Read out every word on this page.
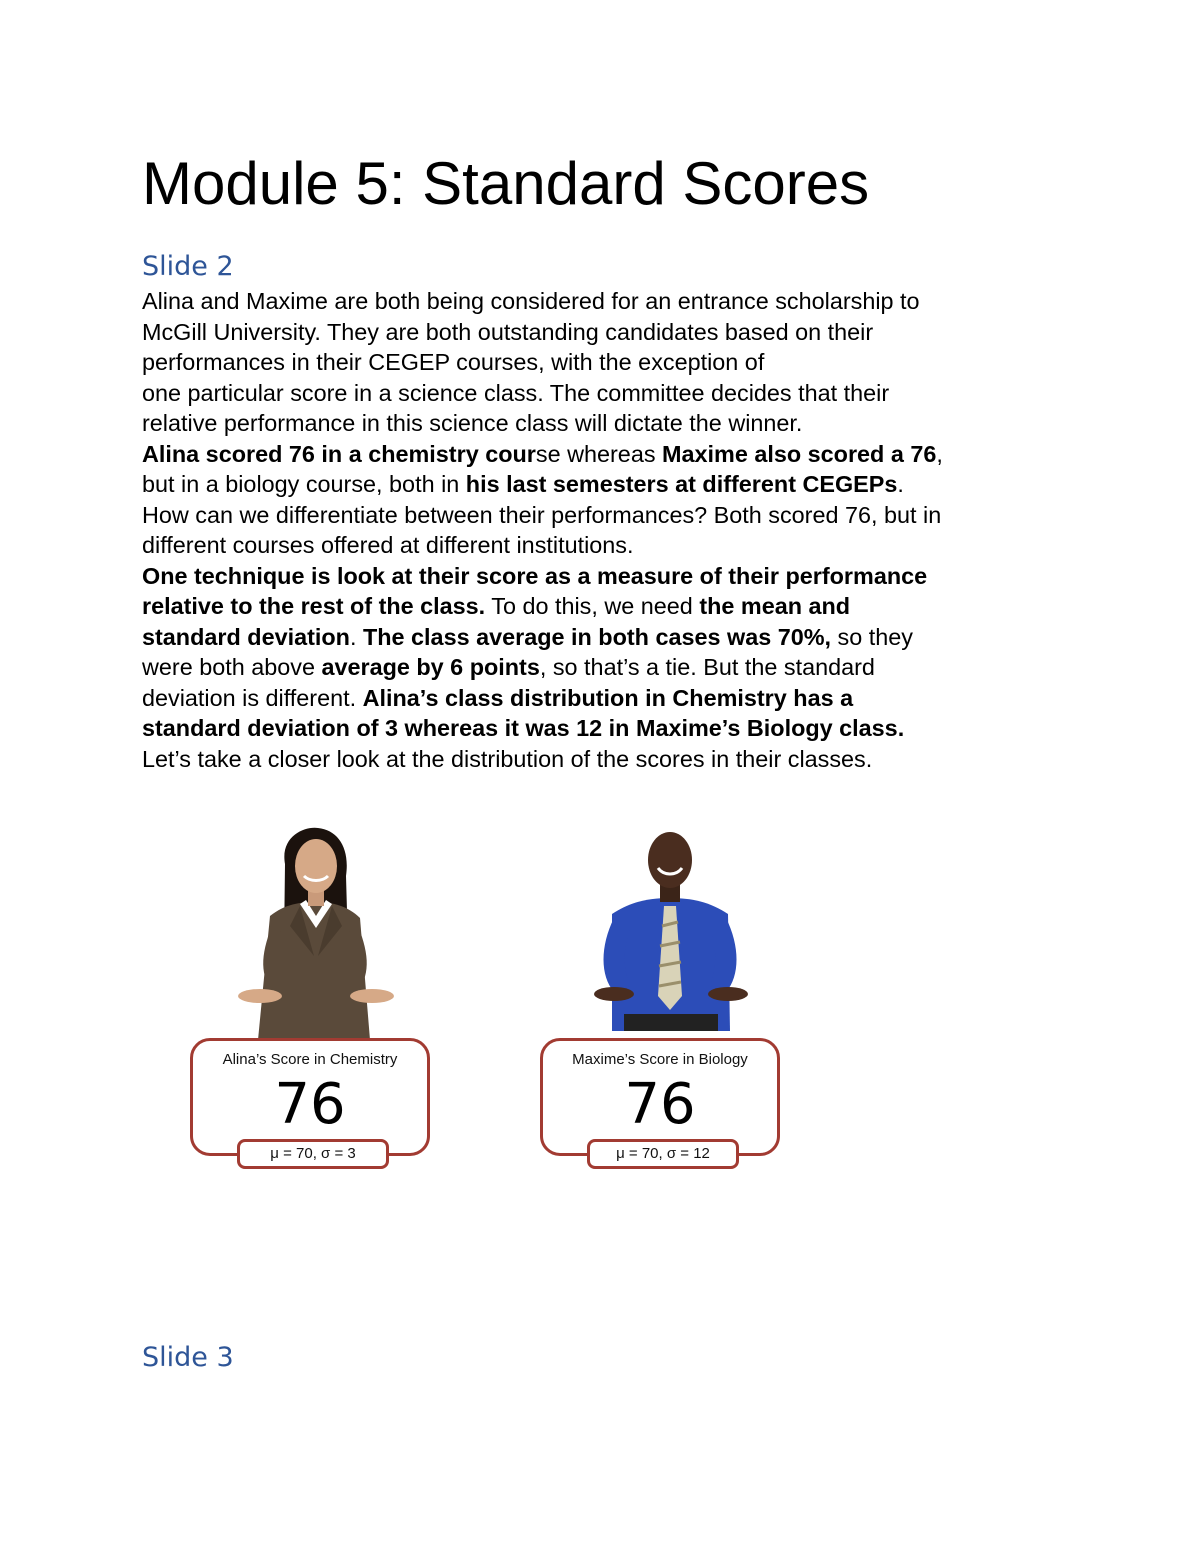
Module 5: Standard Scores
Slide 2

Alina and Maxime are both being considered for an entrance scholarship to
McGill University. They are both outstanding candidates based on their
performances in their CEGEP courses, with the exception of
one particular score in a science class. The committee decides that their
relative performance in this science class will dictate the winner.
Alina scored 76 in a chemistry course whereas Maxime also scored a 76,
but in a biology course, both in his last semesters at different CEGEPs.
How can we differentiate between their performances? Both scored 76, but in
different courses offered at different institutions.
One technique is look at their score as a measure of their performance
relative to the rest of the class. To do this, we need the mean and
standard deviation. The class average in both cases was 70%, so they
were both above average by 6 points, so that’s a tie. But the standard
deviation is different. Alina’s class distribution in Chemistry has a
standard deviation of 3 whereas it was 12 in Maxime’s Biology class.
Let’s take a closer look at the distribution of the scores in their classes.

Alina’s Score in Chemistry
76
μ = 70, σ = 3
Maxime’s Score in Biology
76
μ = 70, σ = 12
Slide 3
